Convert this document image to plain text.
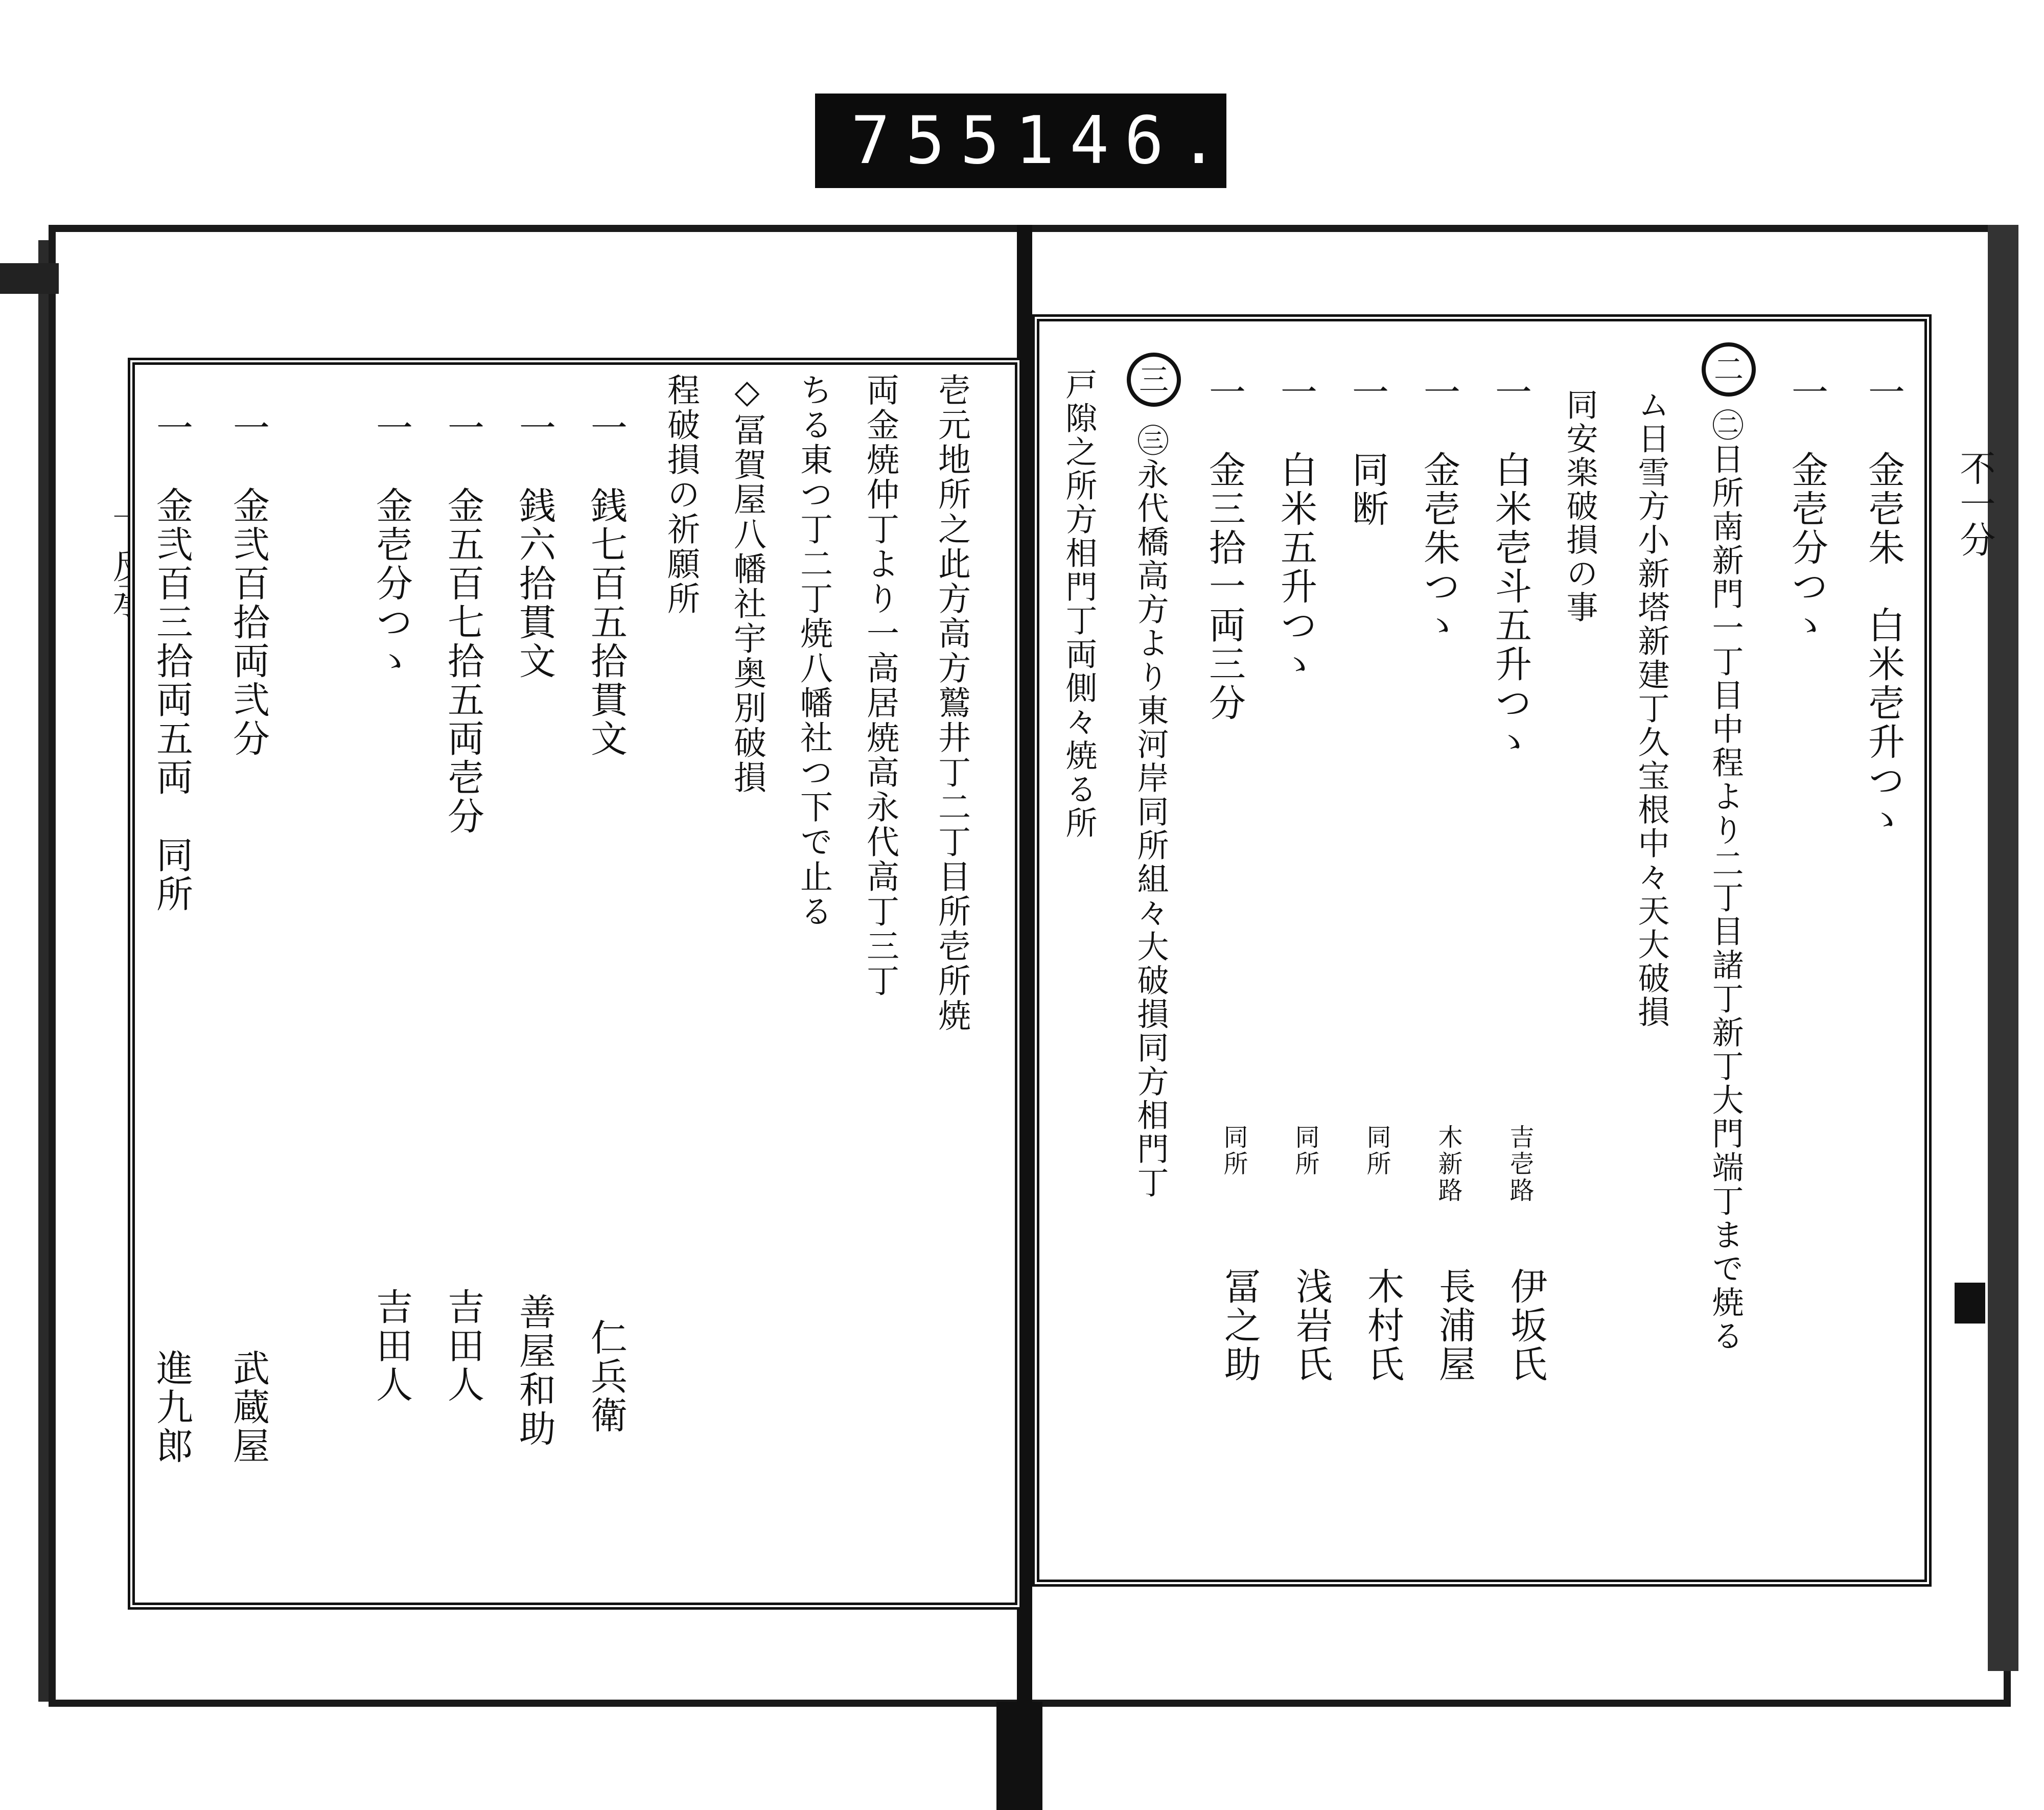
755 146.
不一分
一　金壱朱　白米壱升つゝ
一　金壱分つゝ
二
㊁日所南新門一丁目中程より二丁目諸丁新丁大門端丁まで焼る
ム日雪方小新塔新建丁久宝根中々天大破損
同安楽破損の事
一　白米壱斗五升つゝ
一　金壱朱つゝ
一　同断
一　白米五升つゝ
一　金三拾一両三分
三
㊂永代橋高方より東河岸同所組々大破損同方相門丁
戸隙之所方相門丁両側々焼る所
吉壱路
木新路
同所
同所
同所
伊坂氏
長浦屋
木村氏
浅岩氏
冨之助
壱元地所之此方高方鷲井丁二丁目所壱所焼
両金焼仲丁より一高居焼高永代高丁三丁
ちる東つ丁二丁焼八幡社つ下で止る
◇冨賀屋八幡社宇奥別破損
程破損の祈願所
一　銭七百五拾貫文
一　銭六拾貫文
一　金五百七拾五両壱分
一　金壱分つゝ
一　金弐百拾両弐分
一　金弐百三拾両五両　同所
仁兵衛
善屋和助
吉田人
吉田人
武蔵屋
進九郎
